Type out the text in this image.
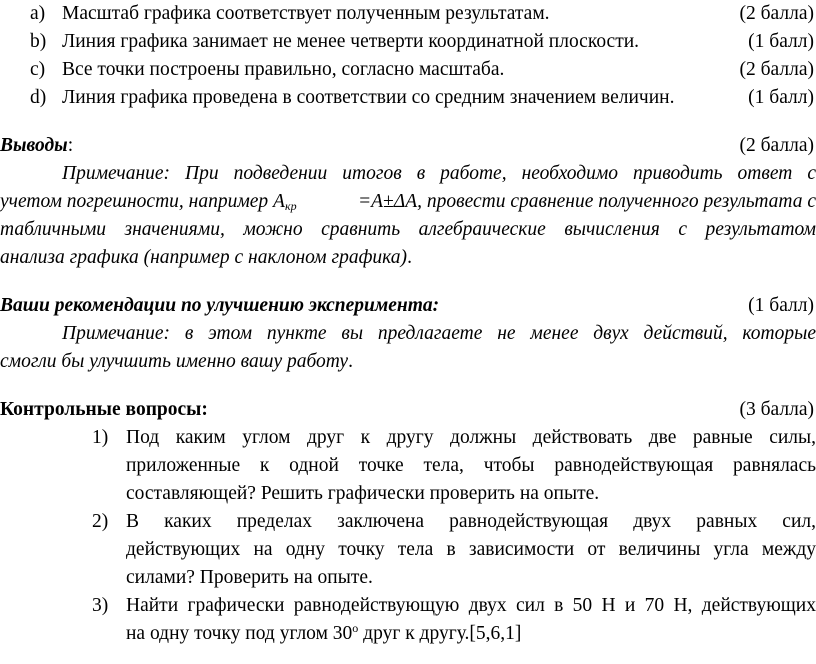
a) Масштаб графика соответствует полученным результатам.	(2 балла)
b) Линия графика занимает не менее четверти координатной плоскости.	(1 балл)
c) Все точки построены правильно, согласно масштаба.	(2 балла)
d) Линия графика проведена в соответствии со средним значением величин.	(1 балл)
Выводы:	(2 балла)
Примечание: При подведении итогов в работе, необходимо приводить ответ с
учетом погрешности, например $А_{кр}$	=А±ΔА, провести сравнение полученного результата с
табличными значениями, можно сравнить алгебраические вычисления с результатом
анализа графика (например с наклоном графика).
Ваши рекомендации по улучшению эксперимента:	(1 балл)
Примечание: в этом пункте вы предлагаете не менее двух действий, которые
смогли бы улучшить именно вашу работу.
Контрольные вопросы:	(3 балла)
1) Под каким углом друг к другу должны действовать две равные силы,
приложенные к одной точке тела, чтобы равнодействующая равнялась
составляющей? Решить графически проверить на опыте.
2) В каких пределах заключена равнодействующая двух равных сил,
действующих на одну точку тела в зависимости от величины угла между
силами? Проверить на опыте.
3) Найти графически равнодействующую двух сил в 50 Н и 70 Н, действующих
на одну точку под углом 30$^o$ друг к другу.[5,6,1]
